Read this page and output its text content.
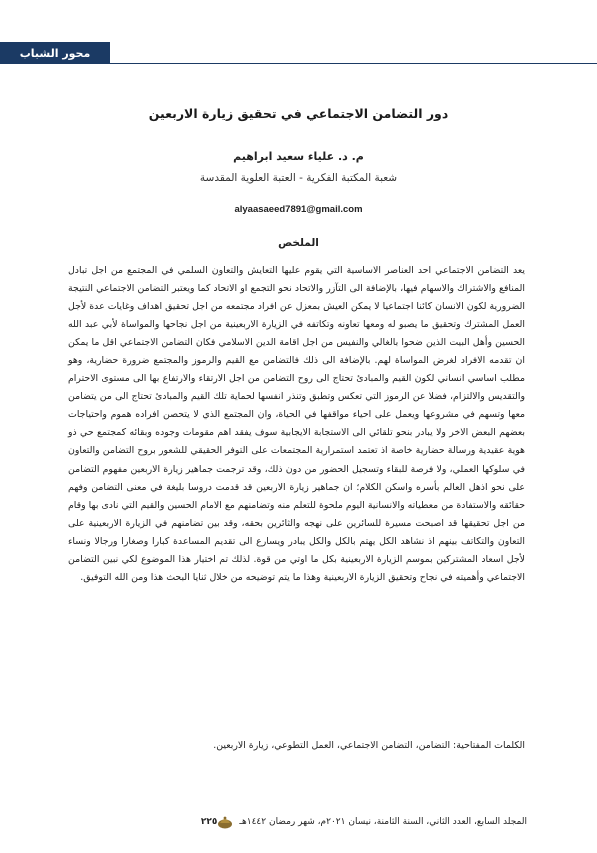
محور الشباب
دور التضامن الاجتماعي في تحقيق زيارة الاربعين
م. د. علياء سعيد ابراهيم
شعبة المكتبة الفكرية - العتبة العلوية المقدسة
alyaasaeed7891@gmail.com
الملخص

يعد التضامن الاجتماعي احد العناصر الاساسية التي يقوم عليها التعايش والتعاون السلمي في المجتمع من اجل تبادل المنافع والاشتراك والاسهام فيها، بالإضافة الى التآزر والاتحاد نحو التجمع او الاتحاد كما ويعتبر التضامن الاجتماعي النتيجة الضرورية لكون الانسان كائنا اجتماعيا لا يمكن العيش بمعزل عن افراد مجتمعه من اجل تحقيق اهداف وغايات عدة لأجل العمل المشترك وتحقيق ما يصبو له ومعها تعاونه وتكاتفه في الزيارة الاربعينية من اجل نجاحها والمواساة لأبي عبد الله الحسين وأهل البيت الذين ضحوا بالغالي والنفيس من اجل اقامة الدين الاسلامي فكان التضامن الاجتماعي اقل ما يمكن ان تقدمه الافراد لغرض المواساة لهم. بالإضافة الى ذلك فالتضامن مع القيم والرموز والمجتمع ضرورة حضارية، وهو مطلب اساسي انساني لكون القيم والمبادئ تحتاج الى روح التضامن من اجل الارتقاء والارتفاع بها الى مستوى الاحترام والتقديس والالتزام، فضلا عن الرموز التي تعكس وتطبق وتنذر انفسها لحماية تلك القيم والمبادئ تحتاج الى من يتضامن معها وتسهم في مشروعها ويعمل على احياء مواقفها في الحياة، وان المجتمع الذي لا يتحصن افراده هموم واحتياجات بعضهم البعض الاخر ولا يبادر بنحو تلقائي الى الاستجابة الايجابية سوف يفقد اهم مقومات وجوده وبقائه كمجتمع حي ذو هوية عقيدية ورسالة حضارية خاصة اذ تعتمد استمرارية المجتمعات على التوفر الحقيقي للشعور بروح التضامن والتعاون في سلوكها العملي، ولا فرصة للبقاء وتسجيل الحضور من دون ذلك، وقد ترجمت جماهير زيارة الاربعين مفهوم التضامن على نحو اذهل العالم بأسره واسكن الكلام؛ ان جماهير زيارة الاربعين قد قدمت دروسا بليغة في معنى التضامن وفهم حقائقه والاستفادة من معطياته والانسانية اليوم ملحوة للتعلم منه وتضامنهم مع الامام الحسين والقيم التي نادى بها وقام من اجل تحقيقها قد اصبحت مسيرة للسائرين على نهجه والثائرين بحقه، وقد بين تضامنهم في الزيارة الاربعينية على التعاون والتكاتف بينهم اذ نشاهد الكل يهتم بالكل والكل يبادر ويسارع الى تقديم المساعدة كبارا وصغارا ورجالا ونساء لأجل اسعاد المشتركين بموسم الزيارة الاربعينية بكل ما اوتي من قوة. لذلك تم اختيار هذا الموضوع لكي نبين التضامن الاجتماعي وأهميته في نجاح وتحقيق الزيارة الاربعينية وهذا ما يتم توضيحه من خلال ثنايا البحث هذا ومن الله التوفيق.

الكلمات المفتاحية: التضامن، التضامن الاجتماعي، العمل التطوعي، زيارة الاربعين.
المجلد السابع، العدد الثاني، السنة الثامنة، نيسان ٢٠٢١م، شهر رمضان ١٤٤٢هـ
٢٢٥
